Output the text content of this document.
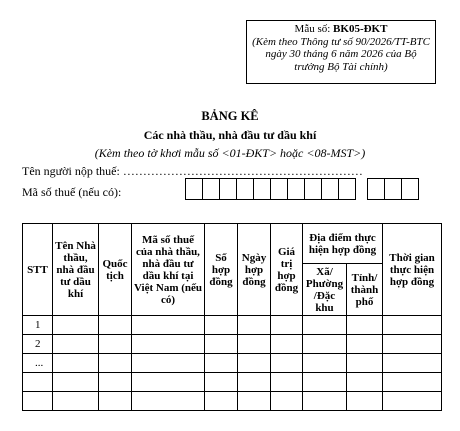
Mẫu số: BK05-ĐKT
(Kèm theo Thông tư số 90/2026/TT-BTC ngày 30 tháng 6 năm 2026 của Bộ trưởng Bộ Tài chính)
BẢNG KÊ
Các nhà thầu, nhà đầu tư dầu khí
(Kèm theo tờ khơi mẫu số <01-ĐKT> hoặc <08-MST>)
Tên người nộp thuế: ……………………………………………………
Mã số thuế (nếu có):
STT	Tên Nhà thầu, nhà đầu tư dầu khí	Quốc tịch	Mã số thuế của nhà thầu, nhà đầu tư dầu khí tại Việt Nam (nếu có)	Số hợp đồng	Ngày hợp đồng	Giá trị hợp đồng	Địa điểm thực hiện hợp đồng		Thời gian thực hiện hợp đồng
							Xã/ Phường /Đặc khu	Tỉnh/ thành phố	
1									
2									
...									
